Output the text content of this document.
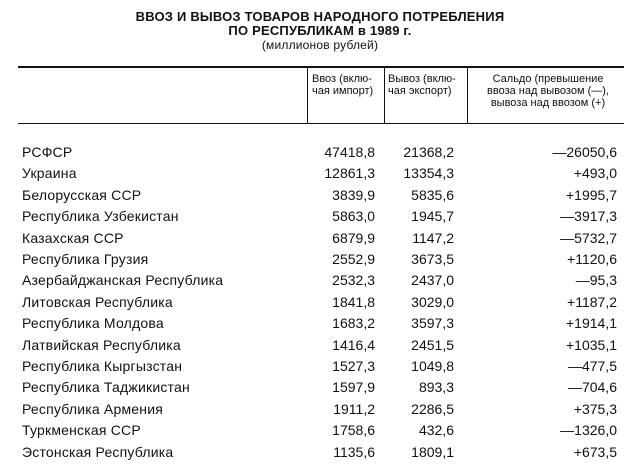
ВВОЗ И ВЫВОЗ ТОВАРОВ НАРОДНОГО ПОТРЕБЛЕНИЯ
ПО РЕСПУБЛИКАМ в 1989 г.
(миллионов рублей)
Ввоз (вклю-
чая импорт)
Вывоз (вклю-
чая экспорт)
Сальдо (превышение
ввоза над вывозом (—),
вывоза над ввозом (+)
РСФСР	47418,8 21368,2	—26050,6
Украина	12861,3 13354,3	+493,0
Белорусская ССР	3839,9	5835,6	+1995,7
Республика Узбекистан	5863,0	1945,7	—3917,3
Казахская ССР	6879,9	1147,2	—5732,7
Республика Грузия	2552,9	3673,5	+1120,6
Азербайджанская Республика	2532,3	2437,0	—95,3
Литовская Республика	1841,8	3029,0	+1187,2
Республика Молдова	1683,2	3597,3	+1914,1
Латвийская Республика	1416,4	2451,5	+1035,1
Республика Кыргызстан	1527,3	1049,8	—477,5
Республика Таджикистан	1597,9	893,3	—704,6
Республика Армения	1911,2	2286,5	+375,3
Туркменская ССР	1758,6	432,6	—1326,0
Эстонская Республика	1135,6	1809,1	+673,5
